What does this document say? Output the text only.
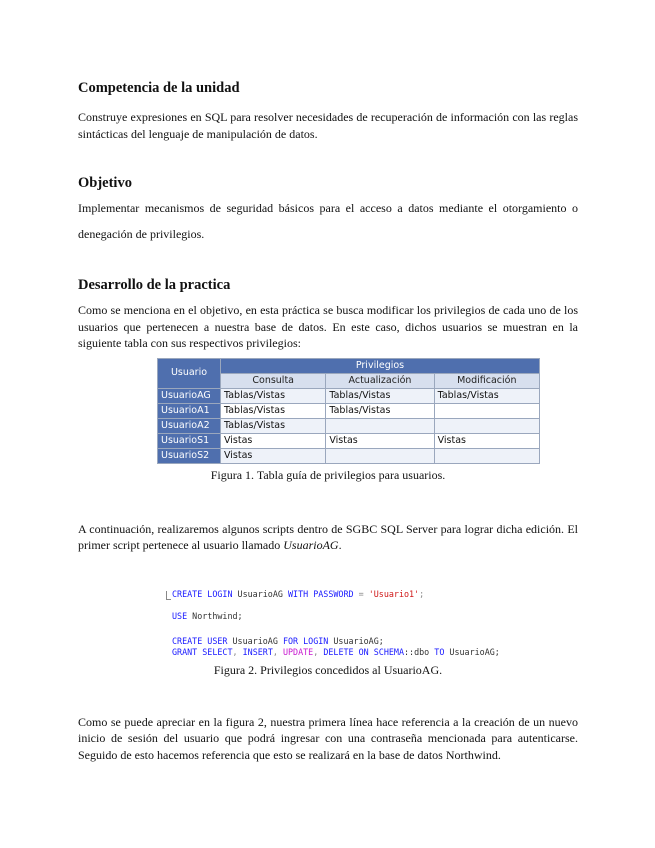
Competencia de la unidad

Construye expresiones en SQL para resolver necesidades de recuperación de información con las reglas sintácticas del lenguaje de manipulación de datos.

Objetivo

Implementar mecanismos de seguridad básicos para el acceso a datos mediante el otorgamiento o

denegación de privilegios.

Desarrollo de la practica

Como se menciona en el objetivo, en esta práctica se busca modificar los privilegios de cada uno de los usuarios que pertenecen a nuestra base de datos. En este caso, dichos usuarios se muestran en la siguiente tabla con sus respectivos privilegios:

Usuario	Privilegios		
	Consulta	Actualización	Modificación
UsuarioAG	Tablas/Vistas	Tablas/Vistas	Tablas/Vistas
UsuarioA1	Tablas/Vistas	Tablas/Vistas	
UsuarioA2	Tablas/Vistas		
UsuarioS1	Vistas	Vistas	Vistas
UsuarioS2	Vistas		

Figura 1. Tabla guía de privilegios para usuarios.

A continuación, realizaremos algunos scripts dentro de SGBC SQL Server para lograr dicha edición. El primer script pertenece al usuario llamado UsuarioAG.

CREATE LOGIN UsuarioAG WITH PASSWORD = 'Usuario1';
USE Northwind;
CREATE USER UsuarioAG FOR LOGIN UsuarioAG;
GRANT SELECT, INSERT, UPDATE, DELETE ON SCHEMA::dbo TO UsuarioAG;

Figura 2. Privilegios concedidos al UsuarioAG.

Como se puede apreciar en la figura 2, nuestra primera línea hace referencia a la creación de un nuevo inicio de sesión del usuario que podrá ingresar con una contraseña mencionada para autenticarse. Seguido de esto hacemos referencia que esto se realizará en la base de datos Northwind.
